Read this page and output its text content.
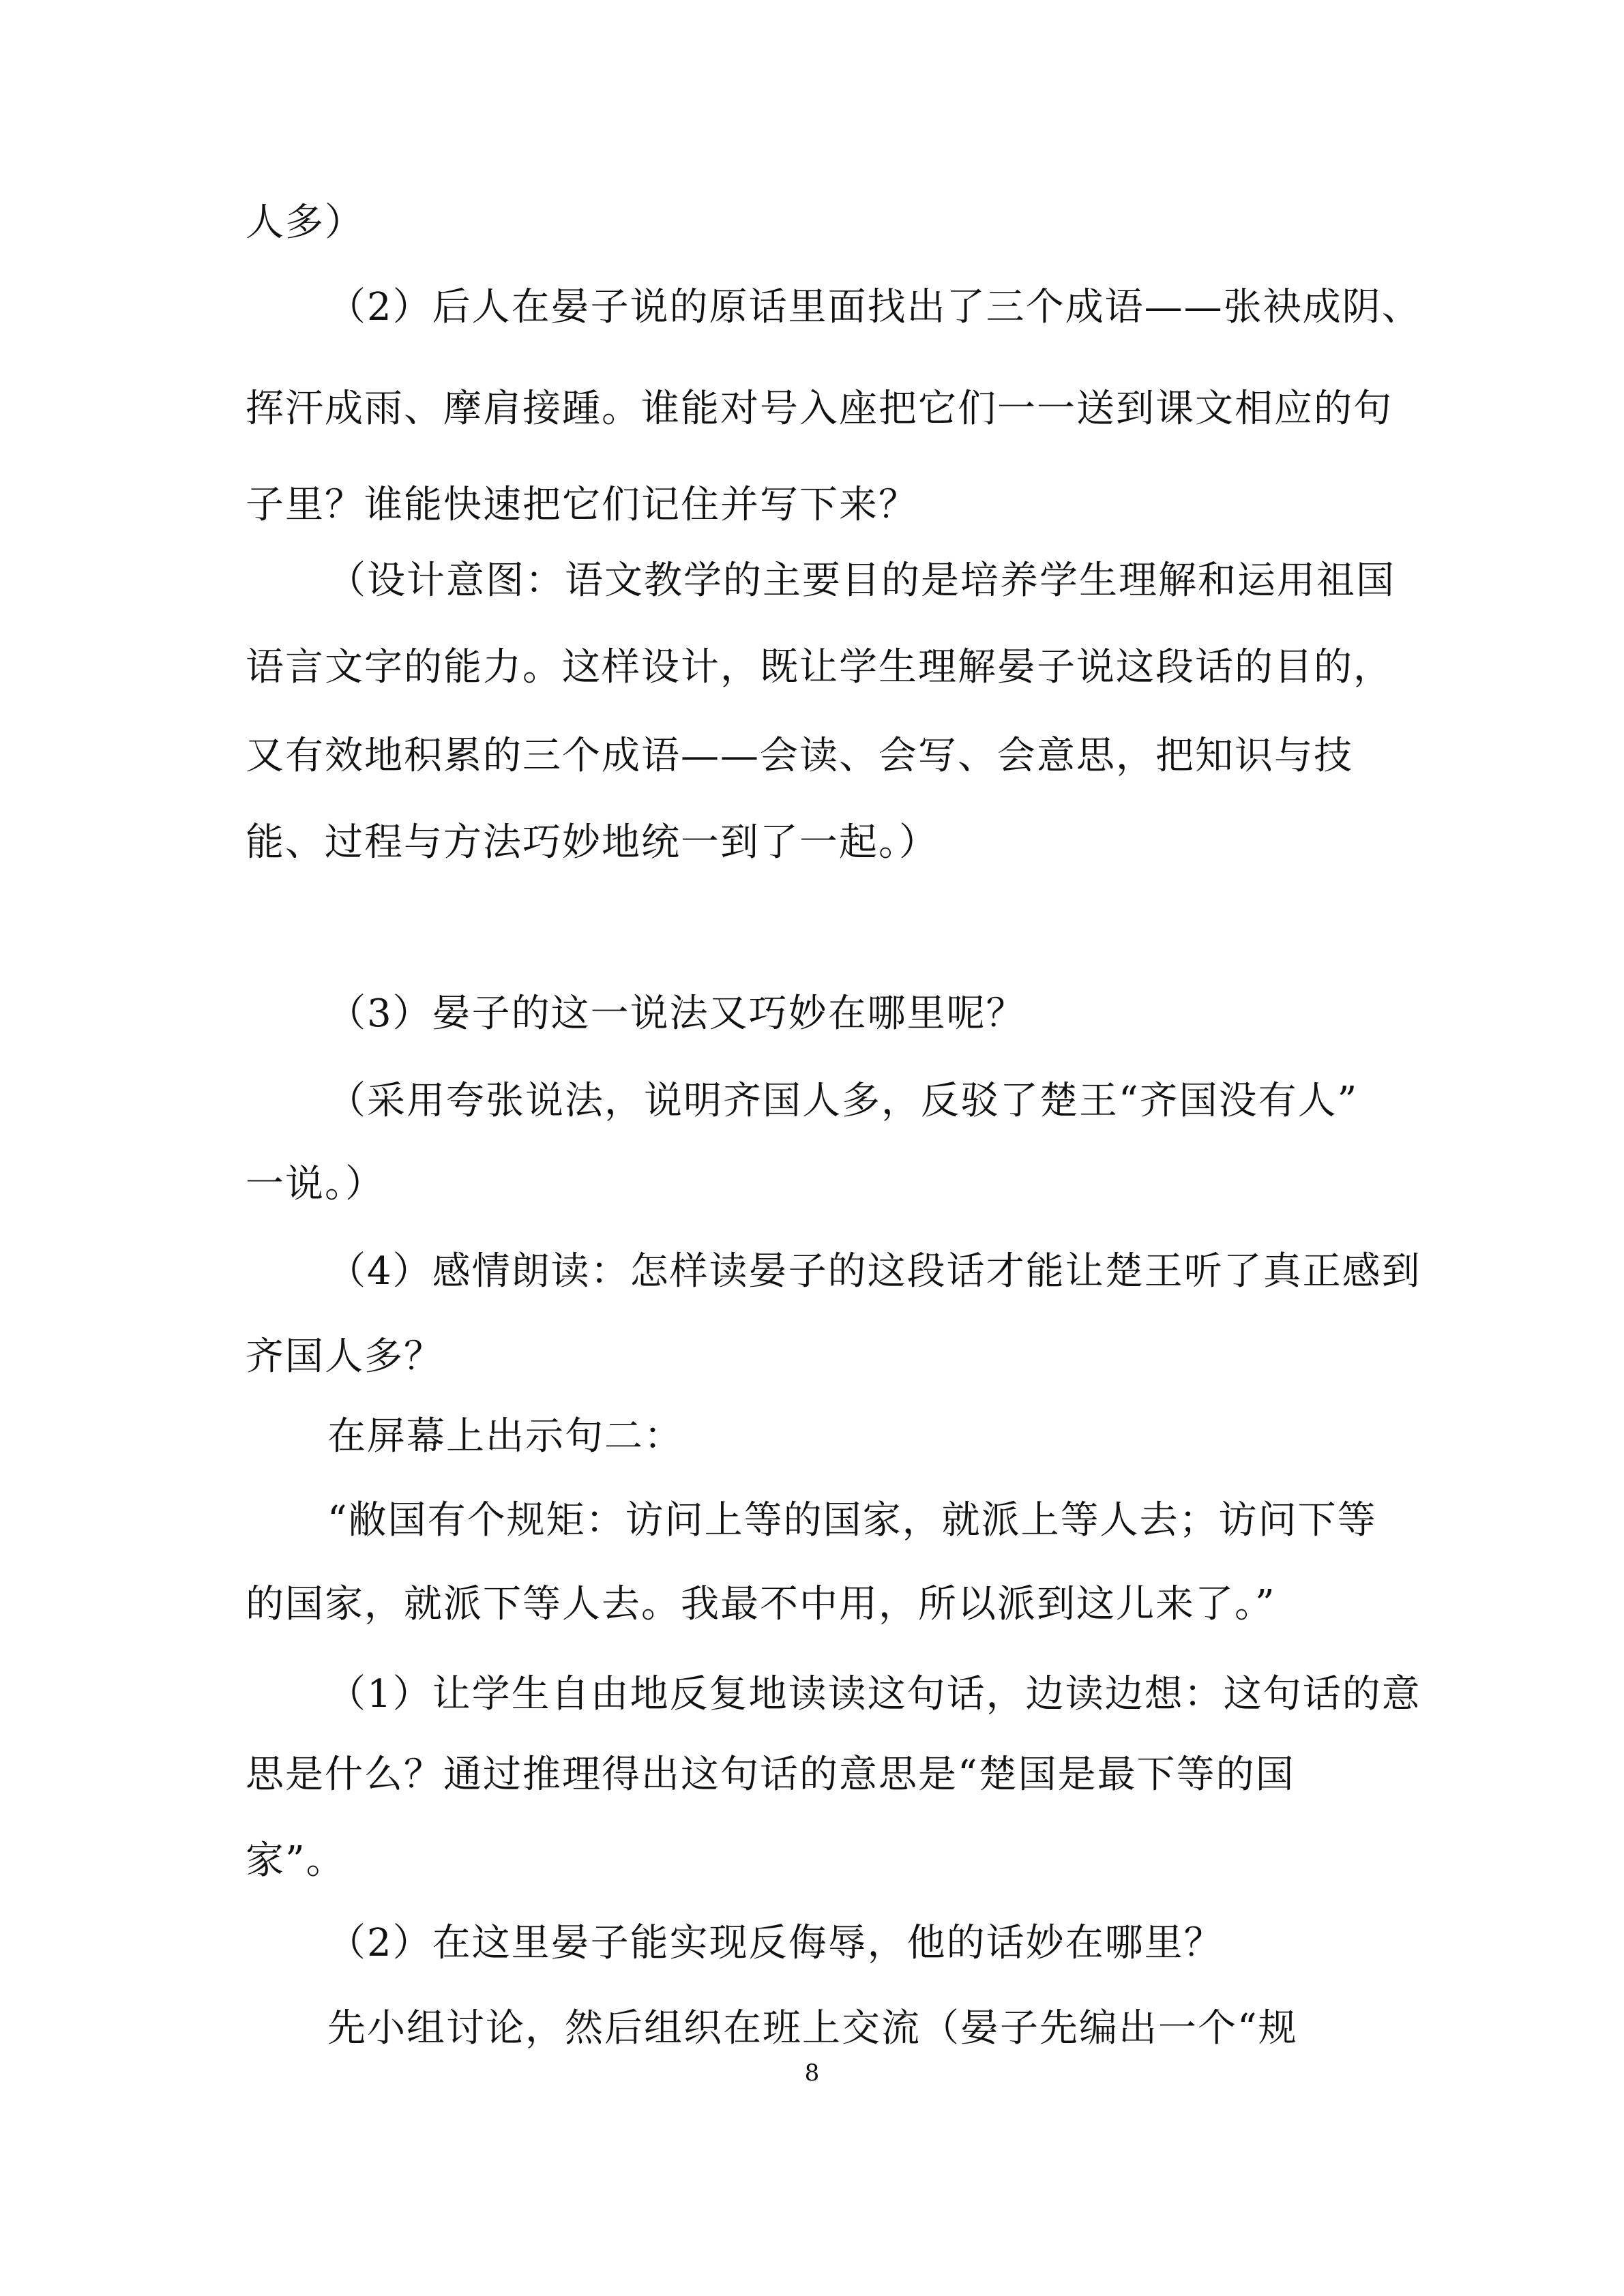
人多）
（2）后人在晏子说的原话里面找出了三个成语——张袂成阴、
挥汗成雨、摩肩接踵。谁能对号入座把它们一一送到课文相应的句
子里？谁能快速把它们记住并写下来？
（设计意图：语文教学的主要目的是培养学生理解和运用祖国
语言文字的能力。这样设计，既让学生理解晏子说这段话的目的，
又有效地积累的三个成语——会读、会写、会意思，把知识与技
能、过程与方法巧妙地统一到了一起。）
（3）晏子的这一说法又巧妙在哪里呢？
（采用夸张说法，说明齐国人多，反驳了楚王“齐国没有人”
一说。）
（4）感情朗读：怎样读晏子的这段话才能让楚王听了真正感到
齐国人多？
在屏幕上出示句二：
“敝国有个规矩：访问上等的国家，就派上等人去；访问下等
的国家，就派下等人去。我最不中用，所以派到这儿来了。”
（1）让学生自由地反复地读读这句话，边读边想：这句话的意
思是什么？通过推理得出这句话的意思是“楚国是最下等的国
家”。
（2）在这里晏子能实现反侮辱，他的话妙在哪里？
先小组讨论，然后组织在班上交流（晏子先编出一个“规
8
